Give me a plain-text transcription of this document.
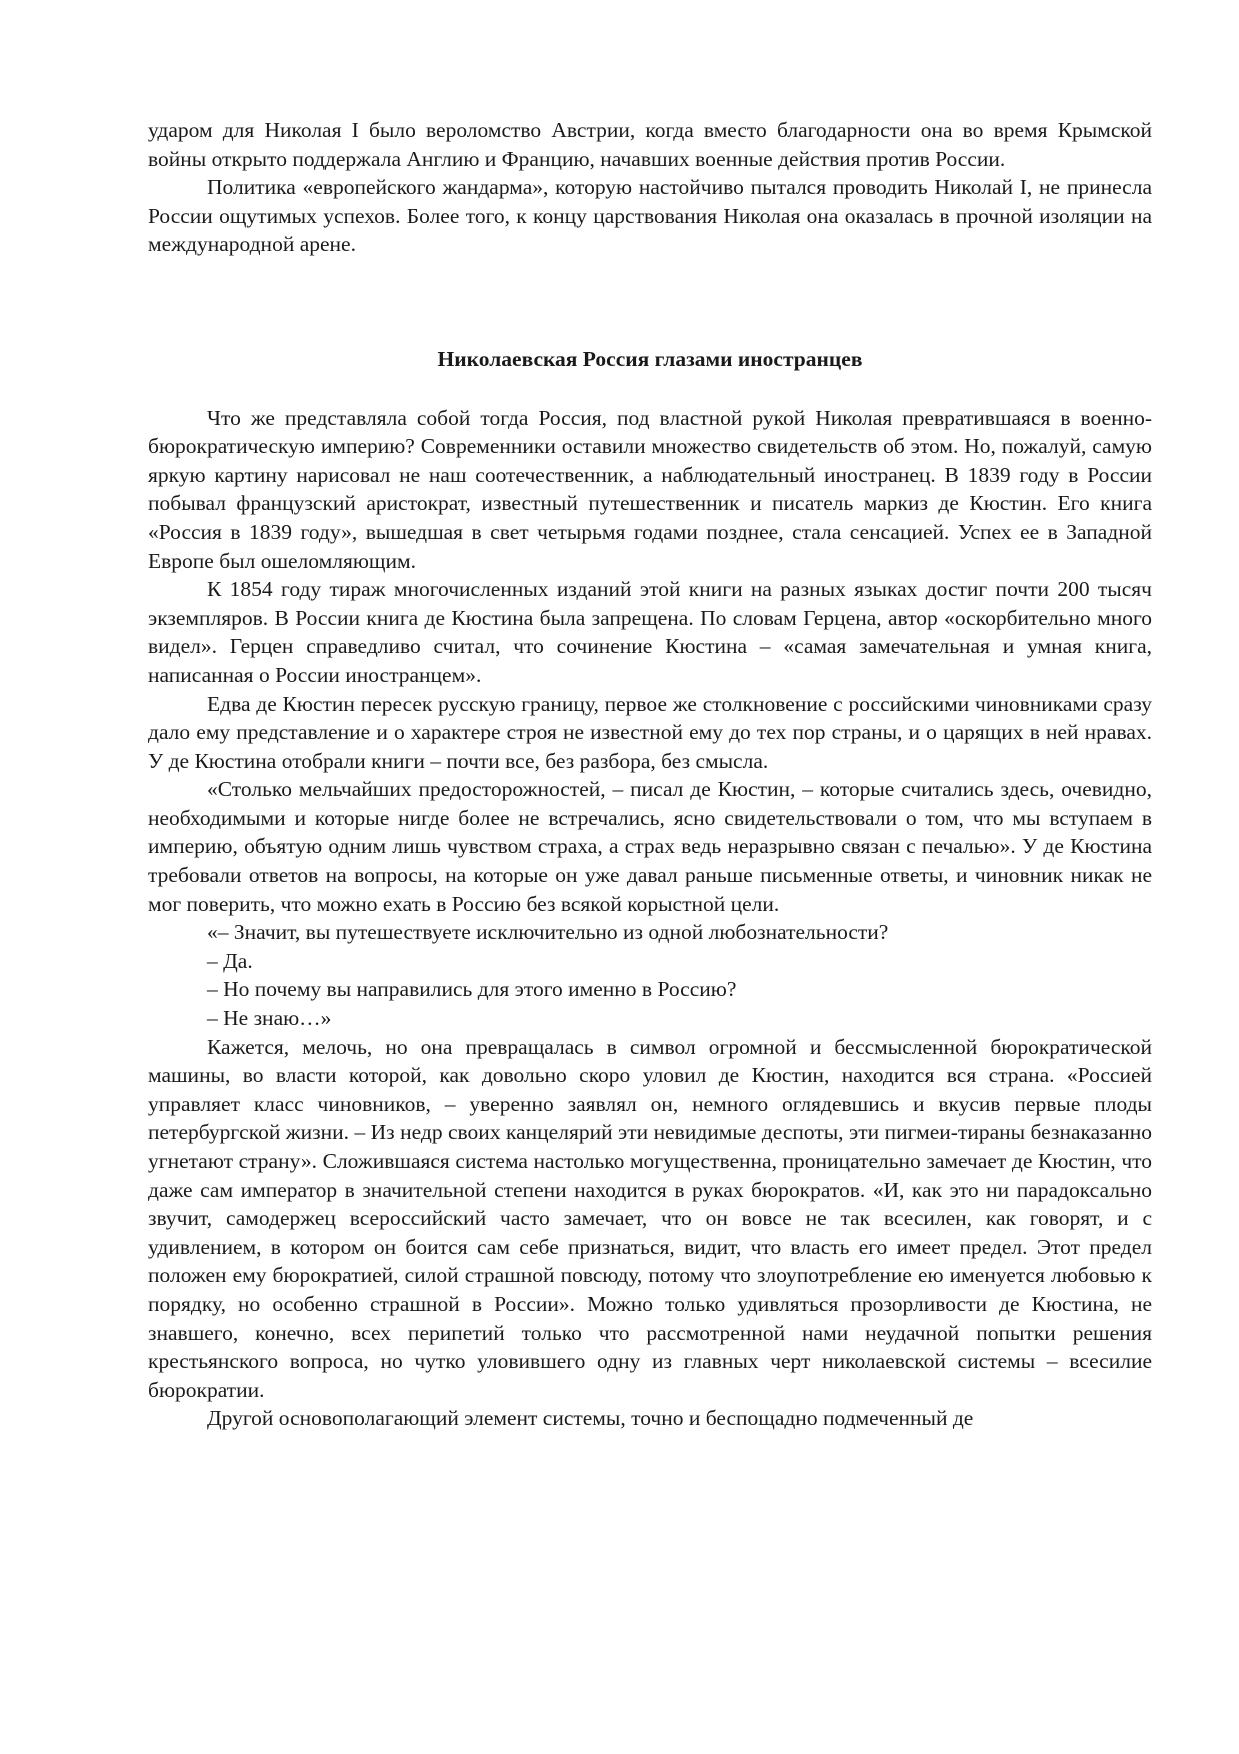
ударом для Николая I было вероломство Австрии, когда вместо благодарности она во время Крымской войны открыто поддержала Англию и Францию, начавших военные действия против России.

Политика «европейского жандарма», которую настойчиво пытался проводить Николай I, не принесла России ощутимых успехов. Более того, к концу царствования Николая она оказалась в прочной изоляции на международной арене.

Николаевская Россия глазами иностранцев

Что же представляла собой тогда Россия, под властной рукой Николая превратившаяся в военно-бюрократическую империю? Современники оставили множество свидетельств об этом. Но, пожалуй, самую яркую картину нарисовал не наш соотечественник, а наблюдательный иностранец. В 1839 году в России побывал французский аристократ, известный путешественник и писатель маркиз де Кюстин. Его книга «Россия в 1839 году», вышедшая в свет четырьмя годами позднее, стала сенсацией. Успех ее в Западной Европе был ошеломляющим.

К 1854 году тираж многочисленных изданий этой книги на разных языках достиг почти 200 тысяч экземпляров. В России книга де Кюстина была запрещена. По словам Герцена, автор «оскорбительно много видел». Герцен справедливо считал, что сочинение Кюстина – «самая замечательная и умная книга, написанная о России иностранцем».

Едва де Кюстин пересек русскую границу, первое же столкновение с российскими чиновниками сразу дало ему представление и о характере строя не известной ему до тех пор страны, и о царящих в ней нравах. У де Кюстина отобрали книги – почти все, без разбора, без смысла.

«Столько мельчайших предосторожностей, – писал де Кюстин, – которые считались здесь, очевидно, необходимыми и которые нигде более не встречались, ясно свидетельствовали о том, что мы вступаем в империю, объятую одним лишь чувством страха, а страх ведь неразрывно связан с печалью». У де Кюстина требовали ответов на вопросы, на которые он уже давал раньше письменные ответы, и чиновник никак не мог поверить, что можно ехать в Россию без всякой корыстной цели.

«– Значит, вы путешествуете исключительно из одной любознательности?

– Да.

– Но почему вы направились для этого именно в Россию?

– Не знаю…»

Кажется, мелочь, но она превращалась в символ огромной и бессмысленной бюрократической машины, во власти которой, как довольно скоро уловил де Кюстин, находится вся страна. «Россией управляет класс чиновников, – уверенно заявлял он, немного оглядевшись и вкусив первые плоды петербургской жизни. – Из недр своих канцелярий эти невидимые деспоты, эти пигмеи-тираны безнаказанно угнетают страну». Сложившаяся система настолько могущественна, проницательно замечает де Кюстин, что даже сам император в значительной степени находится в руках бюрократов. «И, как это ни парадоксально звучит, самодержец всероссийский часто замечает, что он вовсе не так всесилен, как говорят, и с удивлением, в котором он боится сам себе признаться, видит, что власть его имеет предел. Этот предел положен ему бюрократией, силой страшной повсюду, потому что злоупотребление ею именуется любовью к порядку, но особенно страшной в России». Можно только удивляться прозорливости де Кюстина, не знавшего, конечно, всех перипетий только что рассмотренной нами неудачной попытки решения крестьянского вопроса, но чутко уловившего одну из главных черт николаевской системы – всесилие бюрократии.

Другой основополагающий элемент системы, точно и беспощадно подмеченный де
